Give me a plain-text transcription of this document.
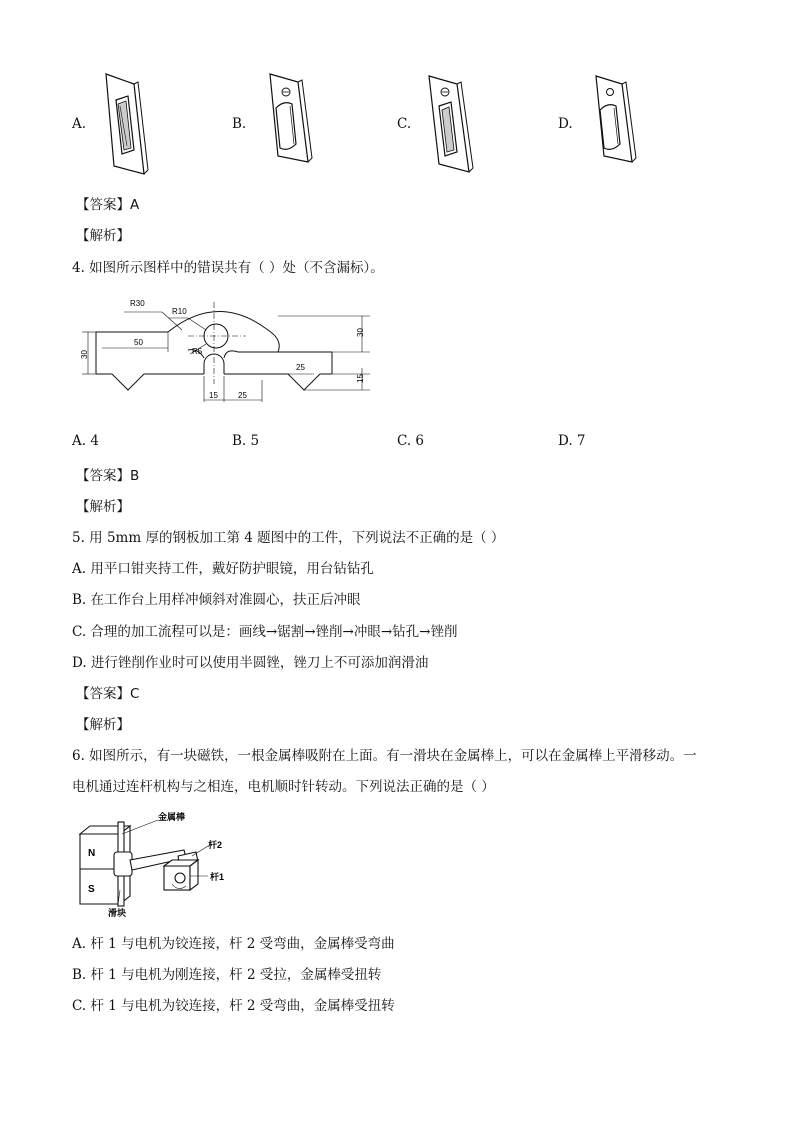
A.	B.	C.	D.
【答案】A
【解析】
4. 如图所示图样中的错误共有（ ）处（不含漏标）。
R30
R10
R5
50
30
30
25
15
15	25
A. 4	B. 5	C. 6	D. 7
【答案】B
【解析】
5. 用 5mm 厚的钢板加工第 4 题图中的工件，下列说法不正确的是（ ）
A. 用平口钳夹持工件，戴好防护眼镜，用台钻钻孔
B. 在工作台上用样冲倾斜对准圆心，扶正后冲眼
C. 合理的加工流程可以是：画线→锯割→锉削→冲眼→钻孔→锉削
D. 进行锉削作业时可以使用半圆锉，锉刀上不可添加润滑油
【答案】C
【解析】
6. 如图所示，有一块磁铁，一根金属棒吸附在上面。有一滑块在金属棒上，可以在金属棒上平滑移动。一
电机通过连杆机构与之相连，电机顺时针转动。下列说法正确的是（ ）
N
S
金属棒
杆2
杆1
滑块
A. 杆 1 与电机为铰连接，杆 2 受弯曲，金属棒受弯曲
B. 杆 1 与电机为刚连接，杆 2 受拉，金属棒受扭转
C. 杆 1 与电机为铰连接，杆 2 受弯曲，金属棒受扭转
